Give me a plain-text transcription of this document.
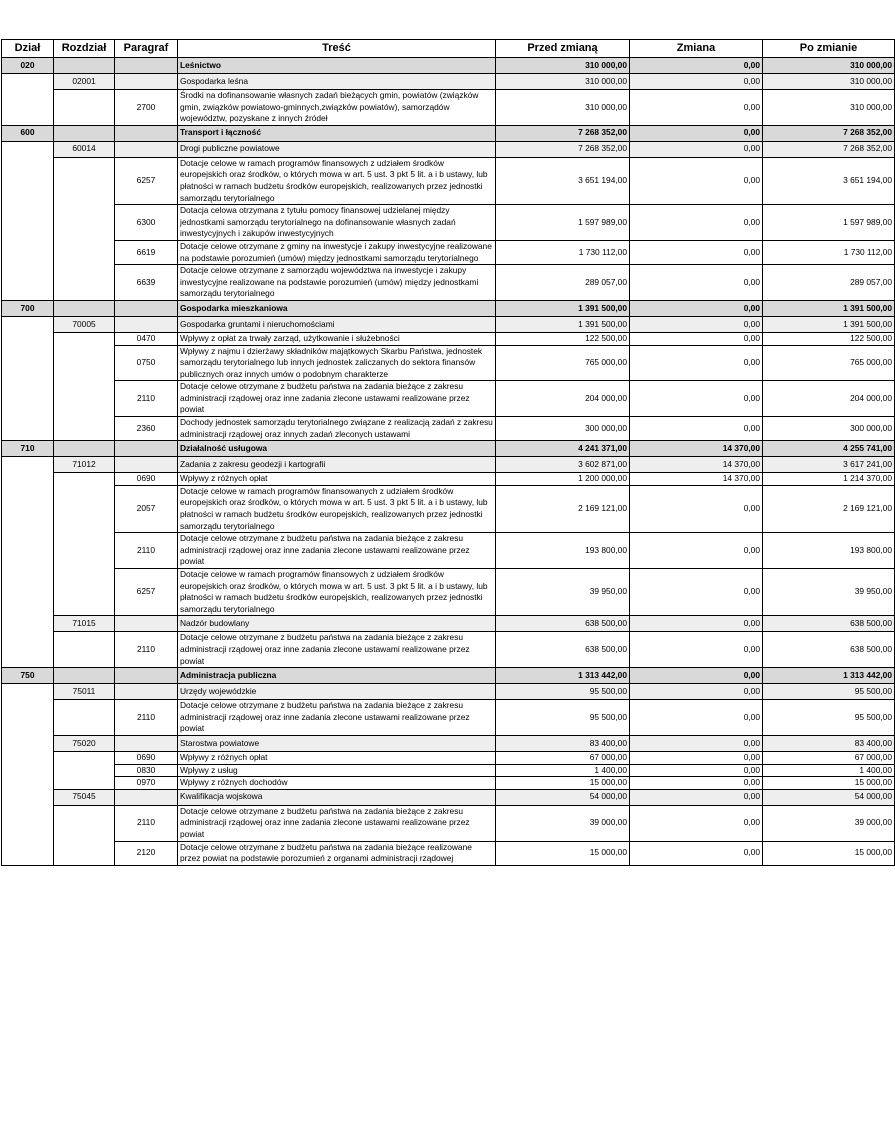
Dział	Rozdział	Paragraf	Treść	Przed zmianą	Zmiana	Po zmianie
020			Leśnictwo	310 000,00	0,00	310 000,00
	02001		Gospodarka leśna	310 000,00	0,00	310 000,00
		2700	Środki na dofinansowanie własnych zadań bieżących gmin, powiatów (związków gmin, związków powiatowo-gminnych,związków powiatów), samorządów województw, pozyskane z innych źródeł	310 000,00	0,00	310 000,00
600			Transport i łączność	7 268 352,00	0,00	7 268 352,00
	60014		Drogi publiczne powiatowe	7 268 352,00	0,00	7 268 352,00
		6257	Dotacje celowe w ramach programów finansowych z udziałem środków europejskich oraz środków, o których mowa w art. 5 ust. 3 pkt 5 lit. a i b ustawy, lub płatności w ramach budżetu środków europejskich, realizowanych przez jednostki samorządu terytorialnego	3 651 194,00	0,00	3 651 194,00
		6300	Dotacja celowa otrzymana z tytułu pomocy finansowej udzielanej między jednostkami samorządu terytorialnego na dofinansowanie własnych zadań inwestycyjnych i zakupów inwestycyjnych	1 597 989,00	0,00	1 597 989,00
		6619	Dotacje celowe otrzymane z gminy na inwestycje i zakupy inwestycyjne realizowane na podstawie porozumień (umów) między jednostkami samorządu terytorialnego	1 730 112,00	0,00	1 730 112,00
		6639	Dotacje celowe otrzymane z samorządu województwa na inwestycje i zakupy inwestycyjne realizowane na podstawie porozumień (umów) między jednostkami samorządu terytorialnego	289 057,00	0,00	289 057,00
700			Gospodarka mieszkaniowa	1 391 500,00	0,00	1 391 500,00
	70005		Gospodarka gruntami i nieruchomościami	1 391 500,00	0,00	1 391 500,00
		0470	Wpływy z opłat za trwały zarząd, użytkowanie i służebności	122 500,00	0,00	122 500,00
		0750	Wpływy z najmu i dzierżawy składników majątkowych Skarbu Państwa, jednostek samorządu terytorialnego lub innych jednostek zaliczanych do sektora finansów publicznych oraz innych umów o podobnym charakterze	765 000,00	0,00	765 000,00
		2110	Dotacje celowe otrzymane z budżetu państwa na zadania bieżące z zakresu administracji rządowej oraz inne zadania zlecone ustawami realizowane przez powiat	204 000,00	0,00	204 000,00
		2360	Dochody jednostek samorządu terytorialnego związane z realizacją zadań z zakresu administracji rządowej oraz innych zadań zleconych ustawami	300 000,00	0,00	300 000,00
710			Działalność usługowa	4 241 371,00	14 370,00	4 255 741,00
	71012		Zadania z zakresu geodezji i kartografii	3 602 871,00	14 370,00	3 617 241,00
		0690	Wpływy z różnych opłat	1 200 000,00	14 370,00	1 214 370,00
		2057	Dotacje celowe w ramach programów finansowanych z udziałem środków europejskich oraz środków, o których mowa w art. 5 ust. 3 pkt 5 lit. a i b ustawy, lub płatności w ramach budżetu środków europejskich, realizowanych przez jednostki samorządu terytorialnego	2 169 121,00	0,00	2 169 121,00
		2110	Dotacje celowe otrzymane z budżetu państwa na zadania bieżące z zakresu administracji rządowej oraz inne zadania zlecone ustawami realizowane przez powiat	193 800,00	0,00	193 800,00
		6257	Dotacje celowe w ramach programów finansowych z udziałem środków europejskich oraz środków, o których mowa w art. 5 ust. 3 pkt 5 lit. a i b ustawy, lub płatności w ramach budżetu środków europejskich, realizowanych przez jednostki samorządu terytorialnego	39 950,00	0,00	39 950,00
	71015		Nadzór budowlany	638 500,00	0,00	638 500,00
		2110	Dotacje celowe otrzymane z budżetu państwa na zadania bieżące z zakresu administracji rządowej oraz inne zadania zlecone ustawami realizowane przez powiat	638 500,00	0,00	638 500,00
750			Administracja publiczna	1 313 442,00	0,00	1 313 442,00
	75011		Urzędy wojewódzkie	95 500,00	0,00	95 500,00
		2110	Dotacje celowe otrzymane z budżetu państwa na zadania bieżące z zakresu administracji rządowej oraz inne zadania zlecone ustawami realizowane przez powiat	95 500,00	0,00	95 500,00
	75020		Starostwa powiatowe	83 400,00	0,00	83 400,00
		0690	Wpływy z różnych opłat	67 000,00	0,00	67 000,00
		0830	Wpływy z usług	1 400,00	0,00	1 400,00
		0970	Wpływy z różnych dochodów	15 000,00	0,00	15 000,00
	75045		Kwalifikacja wojskowa	54 000,00	0,00	54 000,00
		2110	Dotacje celowe otrzymane z budżetu państwa na zadania bieżące z zakresu administracji rządowej oraz inne zadania zlecone ustawami realizowane przez powiat	39 000,00	0,00	39 000,00
		2120	Dotacje celowe otrzymane z budżetu państwa na zadania bieżące realizowane przez powiat na podstawie porozumień z organami administracji rządowej	15 000,00	0,00	15 000,00
